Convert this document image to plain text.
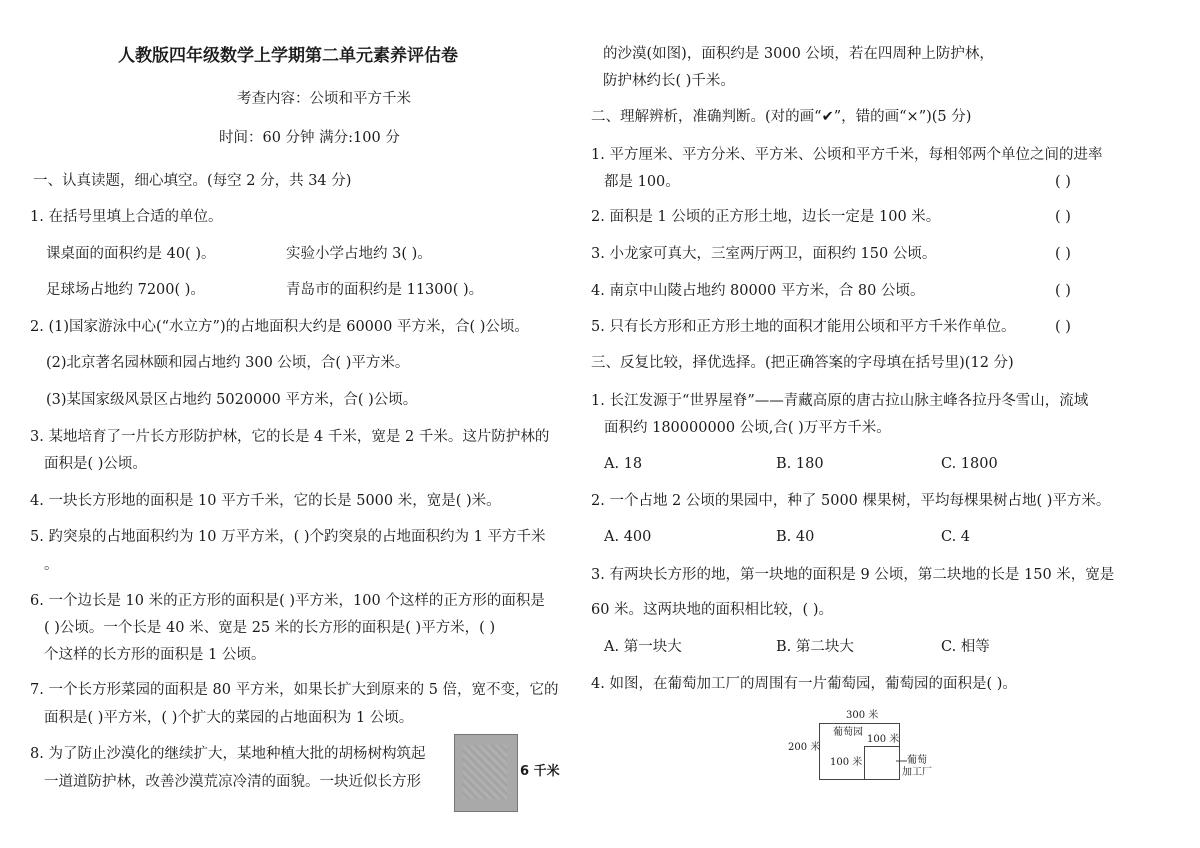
人教版四年级数学上学期第二单元素养评估卷
考查内容：公顷和平方千米
时间：60 分钟 满分:100 分
一、认真读题，细心填空。(每空 2 分，共 34 分)
1. 在括号里填上合适的单位。
课桌面的面积约是 40( )。	实验小学占地约 3( )。
足球场占地约 7200( )。	青岛市的面积约是 11300( )。
2. (1)国家游泳中心(“水立方”)的占地面积大约是 60000 平方米，合( )公顷。
(2)北京著名园林颐和园占地约 300 公顷，合( )平方米。
(3)某国家级风景区占地约 5020000 平方米，合( )公顷。
3. 某地培育了一片长方形防护林，它的长是 4 千米，宽是 2 千米。这片防护林的
面积是( )公顷。
4. 一块长方形地的面积是 10 平方千米，它的长是 5000 米，宽是( )米。
5. 趵突泉的占地面积约为 10 万平方米，( )个趵突泉的占地面积约为 1 平方千米
。
6. 一个边长是 10 米的正方形的面积是( )平方米，100 个这样的正方形的面积是
( )公顷。一个长是 40 米、宽是 25 米的长方形的面积是( )平方米，( )
个这样的长方形的面积是 1 公顷。
7. 一个长方形菜园的面积是 80 平方米，如果长扩大到原来的 5 倍，宽不变，它的
面积是( )平方米，( )个扩大的菜园的占地面积为 1 公顷。
8. 为了防止沙漠化的继续扩大，某地种植大批的胡杨树构筑起
一道道防护林，改善沙漠荒凉冷清的面貌。一块近似长方形
6 千米
的沙漠(如图)，面积约是 3000 公顷，若在四周种上防护林，
防护林约长( )千米。
二、理解辨析，准确判断。(对的画“✔”，错的画“×”)(5 分)
1. 平方厘米、平方分米、平方米、公顷和平方千米，每相邻两个单位之间的进率
都是 100。	( )
2. 面积是 1 公顷的正方形土地，边长一定是 100 米。	( )
3. 小龙家可真大，三室两厅两卫，面积约 150 公顷。	( )
4. 南京中山陵占地约 80000 平方米，合 80 公顷。	( )
5. 只有长方形和正方形土地的面积才能用公顷和平方千米作单位。	( )
三、反复比较，择优选择。(把正确答案的字母填在括号里)(12 分)
1. 长江发源于“世界屋脊”——青藏高原的唐古拉山脉主峰各拉丹冬雪山，流域
面积约 180000000 公顷,合( )万平方千米。
A. 18	B. 180	C. 1800
2. 一个占地 2 公顷的果园中，种了 5000 棵果树，平均每棵果树占地( )平方米。
A. 400	B. 40	C. 4
3. 有两块长方形的地，第一块地的面积是 9 公顷，第二块地的长是 150 米，宽是
60 米。这两块地的面积相比较，( )。
A. 第一块大	B. 第二块大	C. 相等
4. 如图，在葡萄加工厂的周围有一片葡萄园，葡萄园的面积是( )。
300 米
200 米
葡萄园
100 米
100 米	葡萄
加工厂
